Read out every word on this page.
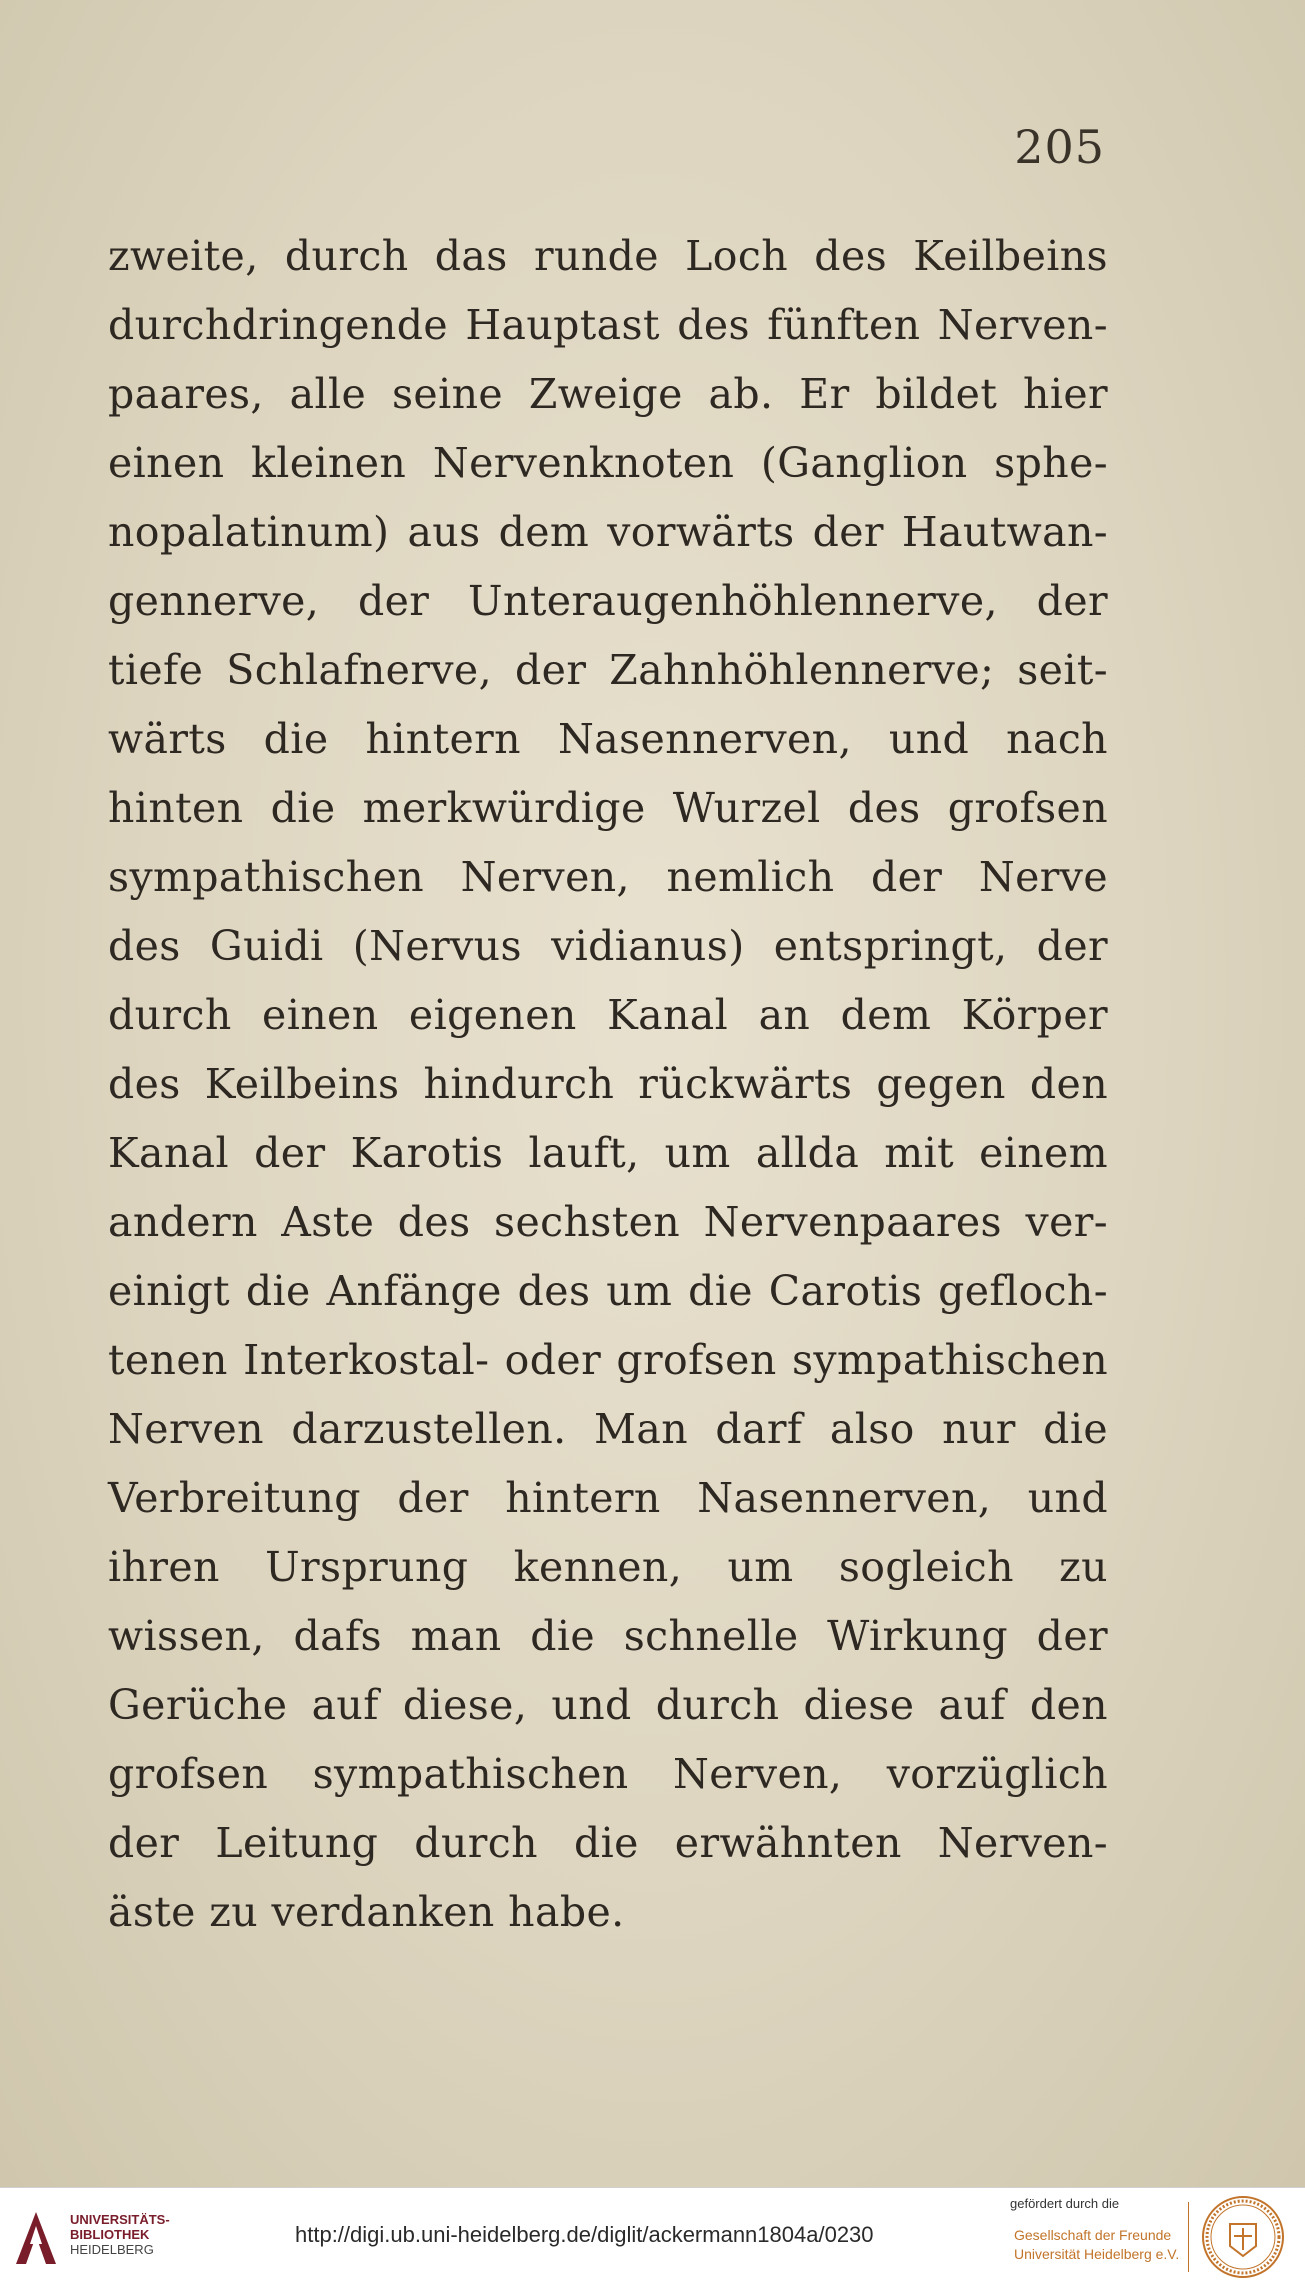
205
zweite, durch das runde Loch des Keilbeins
durchdringende Hauptast des fünften Nerven-
paares, alle seine Zweige ab. Er bildet hier
einen kleinen Nervenknoten (Ganglion sphe-
nopalatinum) aus dem vorwärts der Hautwan-
gennerve, der Unteraugenhöhlennerve, der
tiefe Schlafnerve, der Zahnhöhlennerve; seit-
wärts die hintern Nasennerven, und nach
hinten die merkwürdige Wurzel des grofsen
sympathischen Nerven, nemlich der Nerve
des Guidi (Nervus vidianus) entspringt, der
durch einen eigenen Kanal an dem Körper
des Keilbeins hindurch rückwärts gegen den
Kanal der Karotis lauft, um allda mit einem
andern Aste des sechsten Nervenpaares ver-
einigt die Anfänge des um die Carotis gefloch-
tenen Interkostal- oder grofsen sympathischen
Nerven darzustellen. Man darf also nur die
Verbreitung der hintern Nasennerven, und
ihren Ursprung kennen, um sogleich zu
wissen, dafs man die schnelle Wirkung der
Gerüche auf diese, und durch diese auf den
grofsen sympathischen Nerven, vorzüglich
der Leitung durch die erwähnten Nerven-
äste zu verdanken habe.
UNIVERSITÄTS-
BIBLIOTHEK
HEIDELBERG
http://digi.ub.uni-heidelberg.de/diglit/ackermann1804a/0230
gefördert durch die
Gesellschaft der Freunde
Universität Heidelberg e.V.
